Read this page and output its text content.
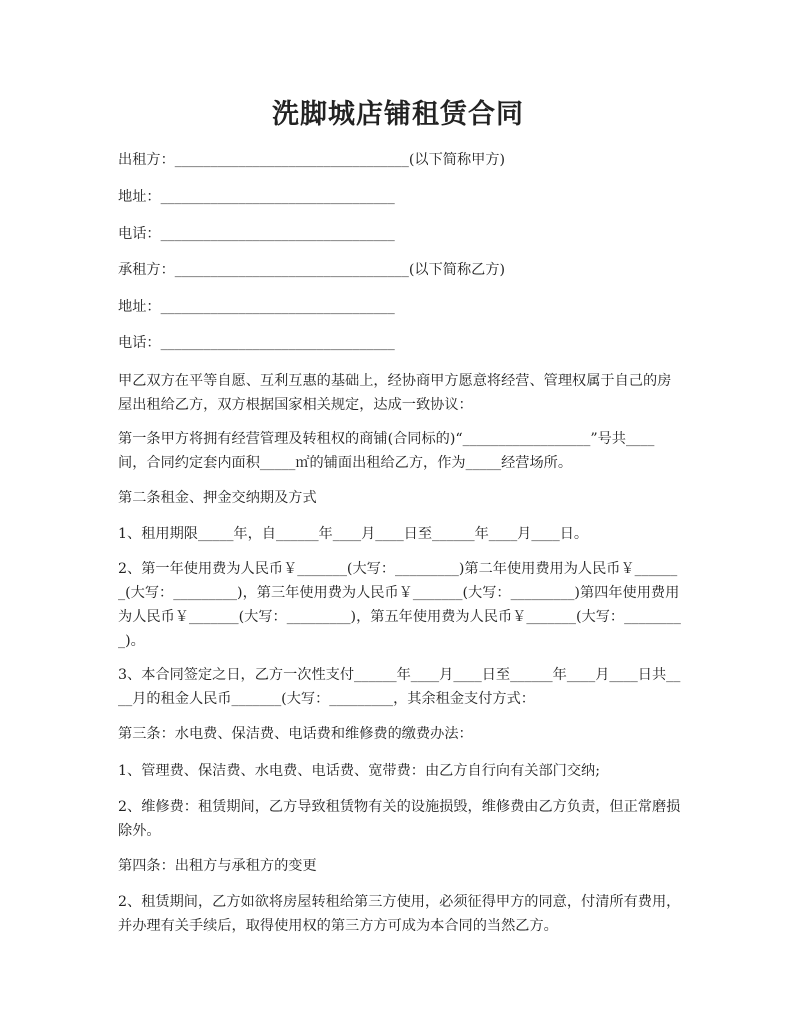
洗脚城店铺租赁合同
出租方：_________________________________(以下简称甲方)
地址：_________________________________
电话：_________________________________
承租方：_________________________________(以下简称乙方)
地址：_________________________________
电话：_________________________________
甲乙双方在平等自愿、互利互惠的基础上，经协商甲方愿意将经营、管理权属于自己的房屋出租给乙方，双方根据国家相关规定，达成一致协议：
第一条甲方将拥有经营管理及转租权的商铺(合同标的)“__________________”号共____间，合同约定套内面积_____㎡的铺面出租给乙方，作为_____经营场所。
第二条租金、押金交纳期及方式
1、租用期限_____年，自______年____月____日至______年____月____日。
2、第一年使用费为人民币￥_______(大写：_________)第二年使用费用为人民币￥_______(大写：_________)，第三年使用费为人民币￥_______(大写：_________)第四年使用费用为人民币￥_______(大写：_________)，第五年使用费为人民币￥_______(大写：_________)。
3、本合同签定之日，乙方一次性支付______年____月____日至______年____月____日共____月的租金人民币_______(大写：_________，其余租金支付方式：
第三条：水电费、保洁费、电话费和维修费的缴费办法：
1、管理费、保洁费、水电费、电话费、宽带费：由乙方自行向有关部门交纳;
2、维修费：租赁期间，乙方导致租赁物有关的设施损毁，维修费由乙方负责，但正常磨损除外。
第四条：出租方与承租方的变更
2、租赁期间，乙方如欲将房屋转租给第三方使用，必须征得甲方的同意，付清所有费用，并办理有关手续后，取得使用权的第三方方可成为本合同的当然乙方。
